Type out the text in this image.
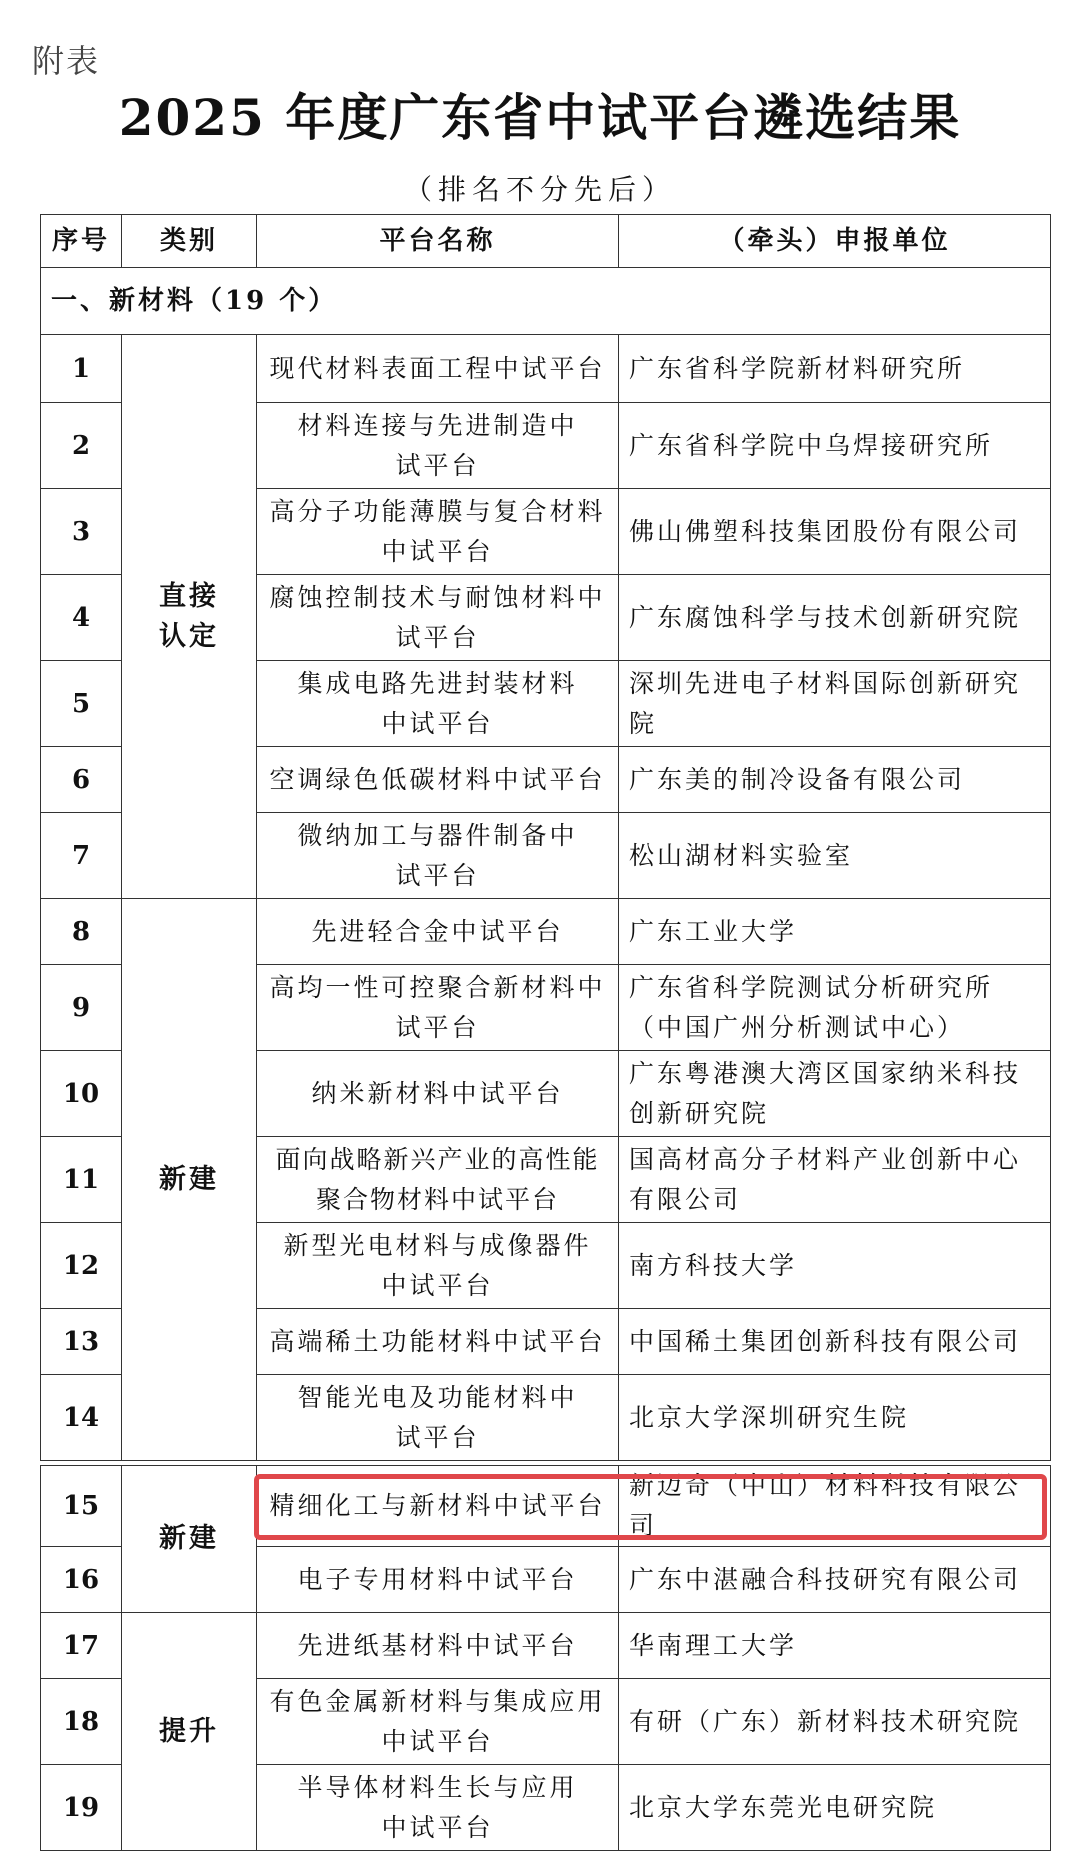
附表
2025 年度广东省中试平台遴选结果
（排名不分先后）
序号	类别	平台名称	（牵头）申报单位
一、新材料（19 个）			
1	直接认定	现代材料表面工程中试平台	广东省科学院新材料研究所
2		材料连接与先进制造中试平台	广东省科学院中乌焊接研究所
3		高分子功能薄膜与复合材料中试平台	佛山佛塑科技集团股份有限公司
4		腐蚀控制技术与耐蚀材料中试平台	广东腐蚀科学与技术创新研究院
5		集成电路先进封装材料中试平台	深圳先进电子材料国际创新研究院
6		空调绿色低碳材料中试平台	广东美的制冷设备有限公司
7		微纳加工与器件制备中试平台	松山湖材料实验室
8	新建	先进轻合金中试平台	广东工业大学
9		高均一性可控聚合新材料中试平台	广东省科学院测试分析研究所（中国广州分析测试中心）
10		纳米新材料中试平台	广东粤港澳大湾区国家纳米科技创新研究院
11		面向战略新兴产业的高性能聚合物材料中试平台	国高材高分子材料产业创新中心有限公司
12		新型光电材料与成像器件中试平台	南方科技大学
13		高端稀土功能材料中试平台	中国稀土集团创新科技有限公司
14		智能光电及功能材料中试平台	北京大学深圳研究生院
15	新建	精细化工与新材料中试平台	新迈奇（中山）材料科技有限公司
16		电子专用材料中试平台	广东中湛融合科技研究有限公司
17	提升	先进纸基材料中试平台	华南理工大学
18		有色金属新材料与集成应用中试平台	有研（广东）新材料技术研究院
19		半导体材料生长与应用中试平台	北京大学东莞光电研究院
